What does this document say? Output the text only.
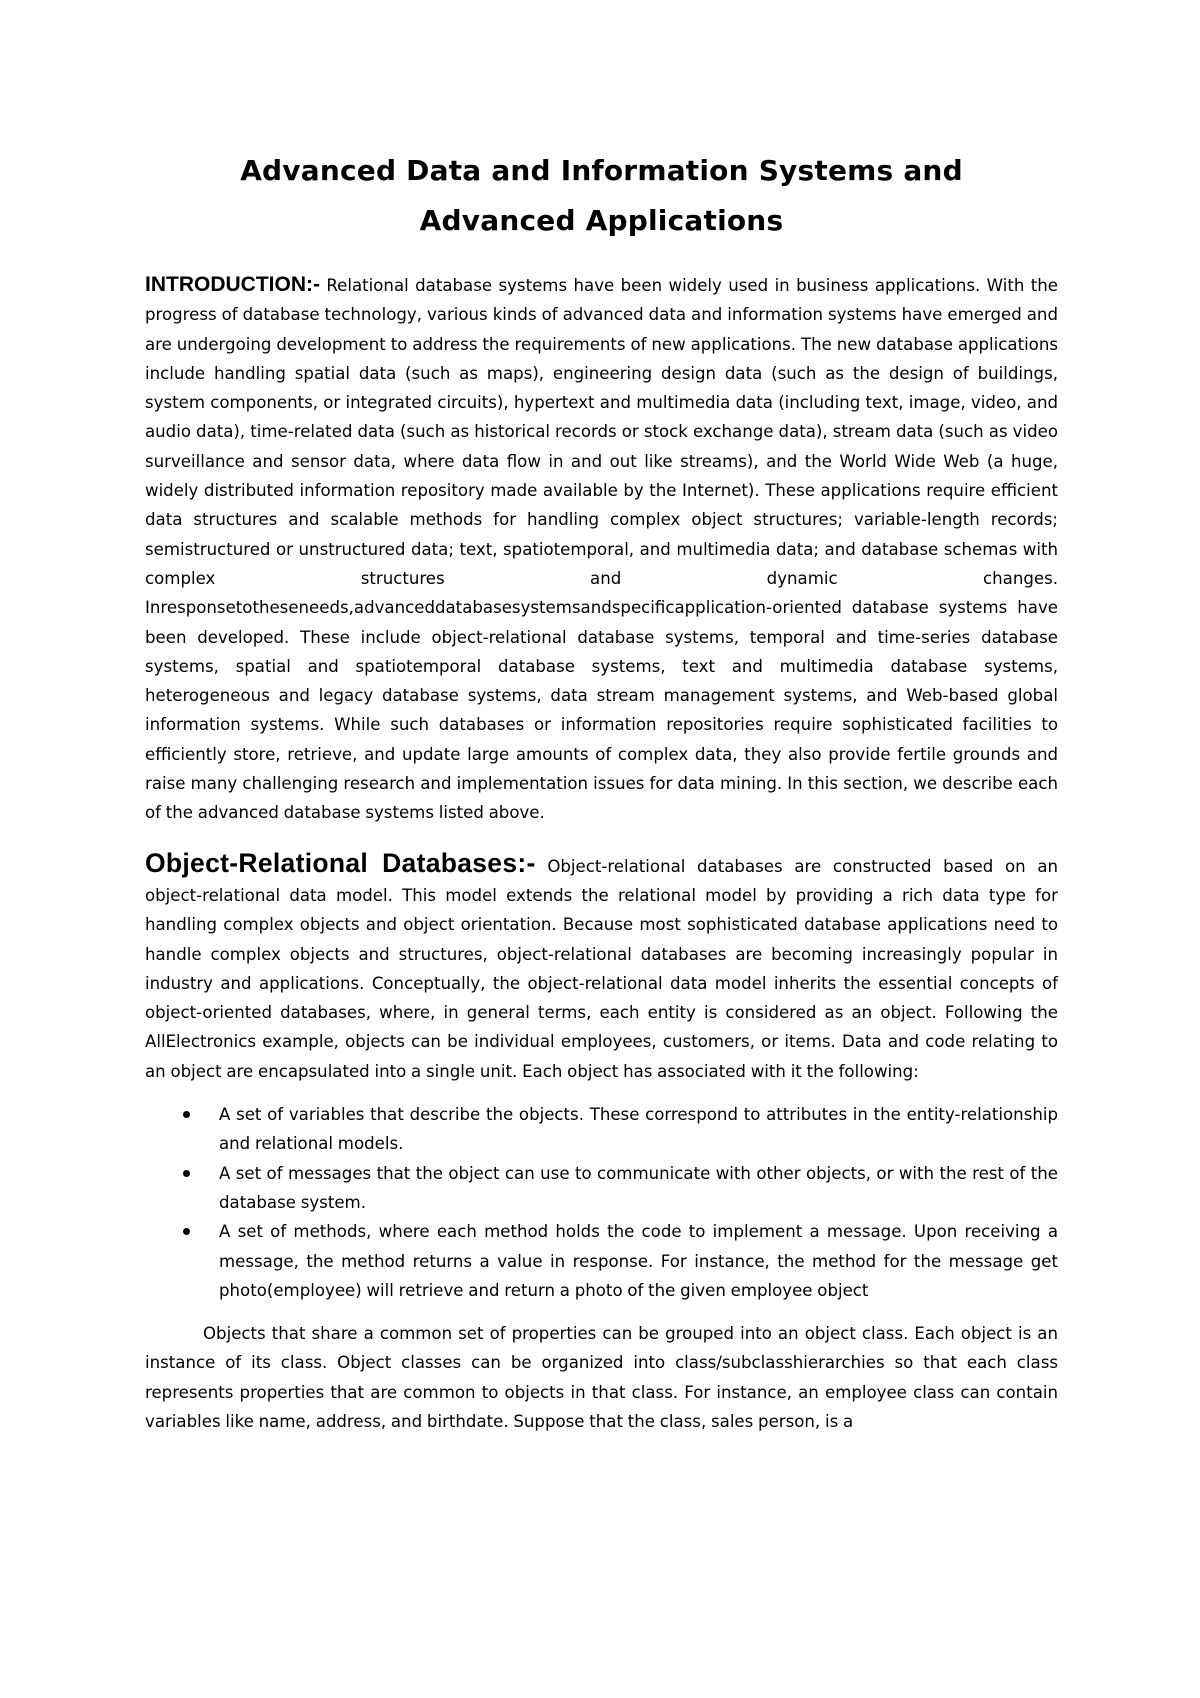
Advanced Data and Information Systems and
Advanced Applications

INTRODUCTION:- Relational database systems have been widely used in business applications. With the progress of database technology, various kinds of advanced data and information systems have emerged and are undergoing development to address the requirements of new applications. The new database applications include handling spatial data (such as maps), engineering design data (such as the design of buildings, system components, or integrated circuits), hypertext and multimedia data (including text, image, video, and audio data), time-related data (such as historical records or stock exchange data), stream data (such as video surveillance and sensor data, where data flow in and out like streams), and the World Wide Web (a huge, widely distributed information repository made available by the Internet). These applications require efficient data structures and scalable methods for handling complex object structures; variable-length records; semistructured or unstructured data; text, spatiotemporal, and multimedia data; and database schemas with complex structures and dynamic changes. Inresponsetotheseneeds,advanceddatabasesystemsandspecificapplication-oriented database systems have been developed. These include object-relational database systems, temporal and time-series database systems, spatial and spatiotemporal database systems, text and multimedia database systems, heterogeneous and legacy database systems, data stream management systems, and Web-based global information systems. While such databases or information repositories require sophisticated facilities to efficiently store, retrieve, and update large amounts of complex data, they also provide fertile grounds and raise many challenging research and implementation issues for data mining. In this section, we describe each of the advanced database systems listed above.

Object-Relational Databases:- Object-relational databases are constructed based on an object-relational data model. This model extends the relational model by providing a rich data type for handling complex objects and object orientation. Because most sophisticated database applications need to handle complex objects and structures, object-relational databases are becoming increasingly popular in industry and applications. Conceptually, the object-relational data model inherits the essential concepts of object-oriented databases, where, in general terms, each entity is considered as an object. Following the AllElectronics example, objects can be individual employees, customers, or items. Data and code relating to an object are encapsulated into a single unit. Each object has associated with it the following:

A set of variables that describe the objects. These correspond to attributes in the entity-relationship and relational models.
A set of messages that the object can use to communicate with other objects, or with the rest of the database system.
A set of methods, where each method holds the code to implement a message. Upon receiving a message, the method returns a value in response. For instance, the method for the message get photo(employee) will retrieve and return a photo of the given employee object

Objects that share a common set of properties can be grouped into an object class. Each object is an instance of its class. Object classes can be organized into class/subclasshierarchies so that each class represents properties that are common to objects in that class. For instance, an employee class can contain variables like name, address, and birthdate. Suppose that the class, sales person, is a
